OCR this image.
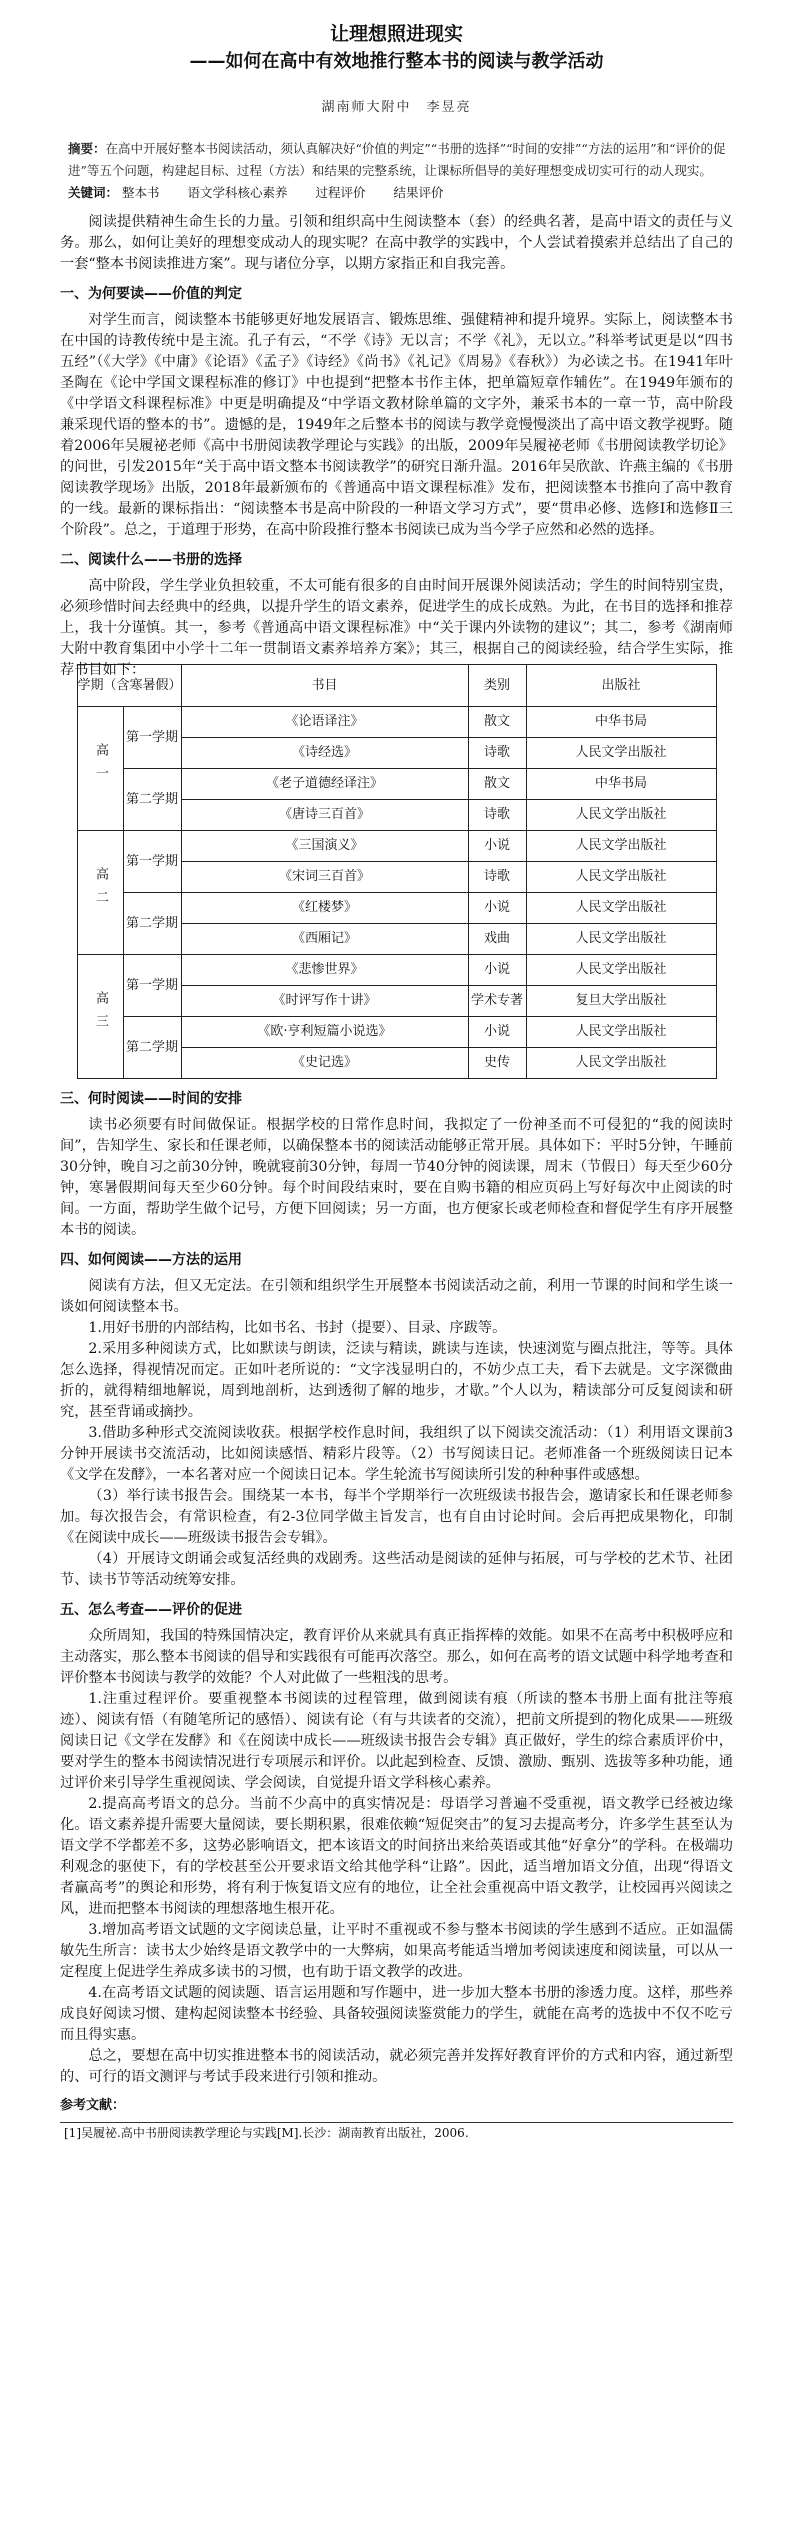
让理想照进现实
——如何在高中有效地推行整本书的阅读与教学活动
湖南师大附中　李昱亮
摘要：在高中开展好整本书阅读活动，须认真解决好“价值的判定”“书册的选择”“时间的安排”“方法的运用”和“评价的促进”等五个问题，构建起目标、过程（方法）和结果的完整系统，让课标所倡导的美好理想变成切实可行的动人现实。
关键词： 整本书 语文学科核心素养 过程评价 结果评价

阅读提供精神生命生长的力量。引领和组织高中生阅读整本（套）的经典名著，是高中语文的责任与义务。那么，如何让美好的理想变成动人的现实呢？在高中教学的实践中，个人尝试着摸索并总结出了自己的一套“整本书阅读推进方案”。现与诸位分享，以期方家指正和自我完善。

一、为何要读——价值的判定

对学生而言，阅读整本书能够更好地发展语言、锻炼思维、强健精神和提升境界。实际上，阅读整本书在中国的诗教传统中是主流。孔子有云，“不学《诗》无以言；不学《礼》，无以立。”科举考试更是以“四书五经”（《大学》《中庸》《论语》《孟子》《诗经》《尚书》《礼记》《周易》《春秋》）为必读之书。在1941年叶圣陶在《论中学国文课程标准的修订》中也提到“把整本书作主体，把单篇短章作辅佐”。在1949年颁布的《中学语文科课程标准》中更是明确提及“中学语文教材除单篇的文字外，兼采书本的一章一节，高中阶段兼采现代语的整本的书”。遗憾的是，1949年之后整本书的阅读与教学竟慢慢淡出了高中语文教学视野。随着2006年吴履祕老师《高中书册阅读教学理论与实践》的出版，2009年吴履祕老师《书册阅读教学切论》的问世，引发2015年“关于高中语文整本书阅读教学”的研究日渐升温。2016年吴欣歆、许燕主编的《书册阅读教学现场》出版，2018年最新颁布的《普通高中语文课程标准》发布，把阅读整本书推向了高中教育的一线。最新的课标指出：“阅读整本书是高中阶段的一种语文学习方式”，要“贯串必修、选修Ⅰ和选修Ⅱ三个阶段”。总之，于道理于形势，在高中阶段推行整本书阅读已成为当今学子应然和必然的选择。

二、阅读什么——书册的选择

高中阶段，学生学业负担较重，不太可能有很多的自由时间开展课外阅读活动；学生的时间特别宝贵，必须珍惜时间去经典中的经典，以提升学生的语文素养，促进学生的成长成熟。为此，在书目的选择和推荐上，我十分谨慎。其一，参考《普通高中语文课程标准》中“关于课内外读物的建议”；其二，参考《湖南师大附中教育集团中小学十二年一贯制语文素养培养方案》；其三，根据自己的阅读经验，结合学生实际，推荐书目如下：

学期（含寒暑假）		书目	类别	出版社
高一	第一学期	《论语译注》	散文	中华书局
		《诗经选》	诗歌	人民文学出版社
	第二学期	《老子道德经译注》	散文	中华书局
		《唐诗三百首》	诗歌	人民文学出版社
高二	第一学期	《三国演义》	小说	人民文学出版社
		《宋词三百首》	诗歌	人民文学出版社
	第二学期	《红楼梦》	小说	人民文学出版社
		《西厢记》	戏曲	人民文学出版社
高三	第一学期	《悲惨世界》	小说	人民文学出版社
		《时评写作十讲》	学术专著	复旦大学出版社
	第二学期	《欧·亨利短篇小说选》	小说	人民文学出版社
		《史记选》	史传	人民文学出版社
三、何时阅读——时间的安排

读书必须要有时间做保证。根据学校的日常作息时间，我拟定了一份神圣而不可侵犯的“我的阅读时间”，告知学生、家长和任课老师，以确保整本书的阅读活动能够正常开展。具体如下：平时5分钟，午睡前30分钟，晚自习之前30分钟，晚就寝前30分钟，每周一节40分钟的阅读课，周末（节假日）每天至少60分钟，寒暑假期间每天至少60分钟。每个时间段结束时，要在自购书籍的相应页码上写好每次中止阅读的时间。一方面，帮助学生做个记号，方便下回阅读；另一方面，也方便家长或老师检查和督促学生有序开展整本书的阅读。

四、如何阅读——方法的运用

阅读有方法，但又无定法。在引领和组织学生开展整本书阅读活动之前，利用一节课的时间和学生谈一谈如何阅读整本书。

1.用好书册的内部结构，比如书名、书封（提要）、目录、序跋等。

2.采用多种阅读方式，比如默读与朗读，泛读与精读，跳读与连读，快速浏览与圈点批注，等等。具体怎么选择，得视情况而定。正如叶老所说的：“文字浅显明白的，不妨少点工夫，看下去就是。文字深微曲折的，就得精细地解说，周到地剖析，达到透彻了解的地步，才歇。”个人以为，精读部分可反复阅读和研究，甚至背诵或摘抄。

3.借助多种形式交流阅读收获。根据学校作息时间，我组织了以下阅读交流活动：（1）利用语文课前3分钟开展读书交流活动，比如阅读感悟、精彩片段等。（2）书写阅读日记。老师准备一个班级阅读日记本《文学在发酵》，一本名著对应一个阅读日记本。学生轮流书写阅读所引发的种种事件或感想。

（3）举行读书报告会。围绕某一本书，每半个学期举行一次班级读书报告会，邀请家长和任课老师参加。每次报告会，有常识检查，有2-3位同学做主旨发言，也有自由讨论时间。会后再把成果物化，印制《在阅读中成长——班级读书报告会专辑》。

（4）开展诗文朗诵会或复活经典的戏剧秀。这些活动是阅读的延伸与拓展，可与学校的艺术节、社团节、读书节等活动统筹安排。

五、怎么考查——评价的促进

众所周知，我国的特殊国情决定，教育评价从来就具有真正指挥棒的效能。如果不在高考中积极呼应和主动落实，那么整本书阅读的倡导和实践很有可能再次落空。那么，如何在高考的语文试题中科学地考查和评价整本书阅读与教学的效能？个人对此做了一些粗浅的思考。

1.注重过程评价。要重视整本书阅读的过程管理，做到阅读有痕（所读的整本书册上面有批注等痕迹）、阅读有悟（有随笔所记的感悟）、阅读有论（有与共读者的交流），把前文所提到的物化成果——班级阅读日记《文学在发酵》和《在阅读中成长——班级读书报告会专辑》真正做好，学生的综合素质评价中，要对学生的整本书阅读情况进行专项展示和评价。以此起到检查、反馈、激励、甄别、选拔等多种功能，通过评价来引导学生重视阅读、学会阅读，自觉提升语文学科核心素养。

2.提高高考语文的总分。当前不少高中的真实情况是：母语学习普遍不受重视，语文教学已经被边缘化。语文素养提升需要大量阅读，要长期积累，很难依赖“短促突击”的复习去提高考分，许多学生甚至认为语文学不学都差不多，这势必影响语文，把本该语文的时间挤出来给英语或其他“好拿分”的学科。在极端功利观念的驱使下，有的学校甚至公开要求语文给其他学科“让路”。因此，适当增加语文分值，出现“得语文者赢高考”的舆论和形势，将有利于恢复语文应有的地位，让全社会重视高中语文教学，让校园再兴阅读之风，进而把整本书阅读的理想落地生根开花。

3.增加高考语文试题的文字阅读总量，让平时不重视或不参与整本书阅读的学生感到不适应。正如温儒敏先生所言：读书太少始终是语文教学中的一大弊病，如果高考能适当增加考阅读速度和阅读量，可以从一定程度上促进学生养成多读书的习惯，也有助于语文教学的改进。

4.在高考语文试题的阅读题、语言运用题和写作题中，进一步加大整本书册的渗透力度。这样，那些养成良好阅读习惯、建构起阅读整本书经验、具备较强阅读鉴赏能力的学生，就能在高考的选拔中不仅不吃亏而且得实惠。

总之，要想在高中切实推进整本书的阅读活动，就必须完善并发挥好教育评价的方式和内容，通过新型的、可行的语文测评与考试手段来进行引领和推动。

参考文献：
[1]吴履祕.高中书册阅读教学理论与实践[M].长沙：湖南教育出版社，2006.
